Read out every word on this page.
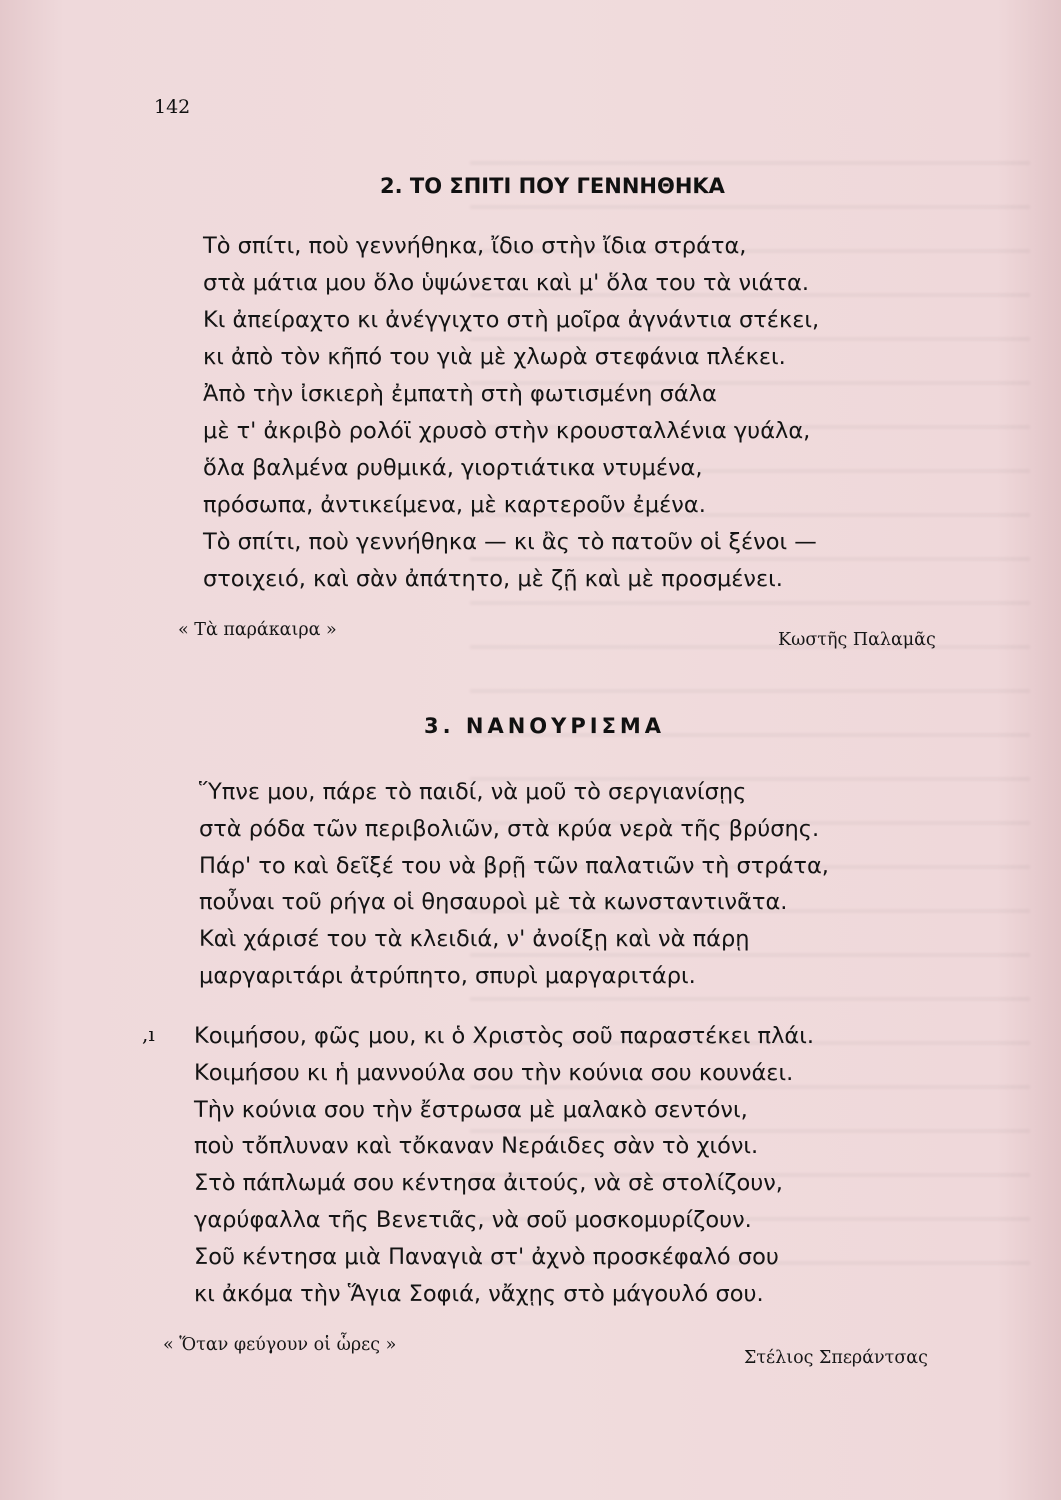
142

2. ΤΟ ΣΠΙΤΙ ΠΟΥ ΓΕΝΝΗΘΗΚΑ
Τὸ σπίτι, ποὺ γεννήθηκα, ἴδιο στὴν ἴδια στράτα,
στὰ μάτια μου ὅλο ὑψώνεται καὶ μ' ὅλα του τὰ νιάτα.
Κι ἀπείραχτο κι ἀνέγγιχτο στὴ μοῖρα ἀγνάντια στέκει,
κι ἀπὸ τὸν κῆπό του γιὰ μὲ χλωρὰ στεφάνια πλέκει.
Ἀπὸ τὴν ἰσκιερὴ ἐμπατὴ στὴ φωτισμένη σάλα
μὲ τ' ἀκριβὸ ρολόϊ χρυσὸ στὴν κρουσταλλένια γυάλα,
ὅλα βαλμένα ρυθμικά, γιορτιάτικα ντυμένα,
πρόσωπα, ἀντικείμενα, μὲ καρτεροῦν ἐμένα.
Τὸ σπίτι, ποὺ γεννήθηκα — κι ἂς τὸ πατοῦν οἱ ξένοι —
στοιχειό, καὶ σὰν ἀπάτητο, μὲ ζῇ καὶ μὲ προσμένει.

« Τὰ παράκαιρα »	Κωστῆς Παλαμᾶς

3. ΝΑΝΟΥΡΙΣΜΑ
Ὕπνε μου, πάρε τὸ παιδί, νὰ μοῦ τὸ σεργιανίσῃς
στὰ ρόδα τῶν περιβολιῶν, στὰ κρύα νερὰ τῆς βρύσης.
Πάρ' το καὶ δεῖξέ του νὰ βρῇ τῶν παλατιῶν τὴ στράτα,
ποὖναι τοῦ ρήγα οἱ θησαυροὶ μὲ τὰ κωνσταντινᾶτα.
Καὶ χάρισέ του τὰ κλειδιά, ν' ἀνοίξῃ καὶ νὰ πάρῃ
μαργαριτάρι ἀτρύπητο, σπυρὶ μαργαριτάρι.
,ı Κοιμήσου, φῶς μου, κι ὁ Χριστὸς σοῦ παραστέκει πλάι.
Κοιμήσου κι ἡ μαννούλα σου τὴν κούνια σου κουνάει.
Τὴν κούνια σου τὴν ἔστρωσα μὲ μαλακὸ σεντόνι,
ποὺ τὄπλυναν καὶ τὄκαναν Νεράιδες σὰν τὸ χιόνι.
Στὸ πάπλωμά σου κέντησα ἀιτούς, νὰ σὲ στολίζουν,
γαρύφαλλα τῆς Βενετιᾶς, νὰ σοῦ μοσκομυρίζουν.
Σοῦ κέντησα μιὰ Παναγιὰ στ' ἀχνὸ προσκέφαλό σου
κι ἀκόμα τὴν Ἅγια Σοφιά, νἄχῃς στὸ μάγουλό σου.

« Ὅταν φεύγουν οἱ ὧρες »

Στέλιος Σπεράντσας
